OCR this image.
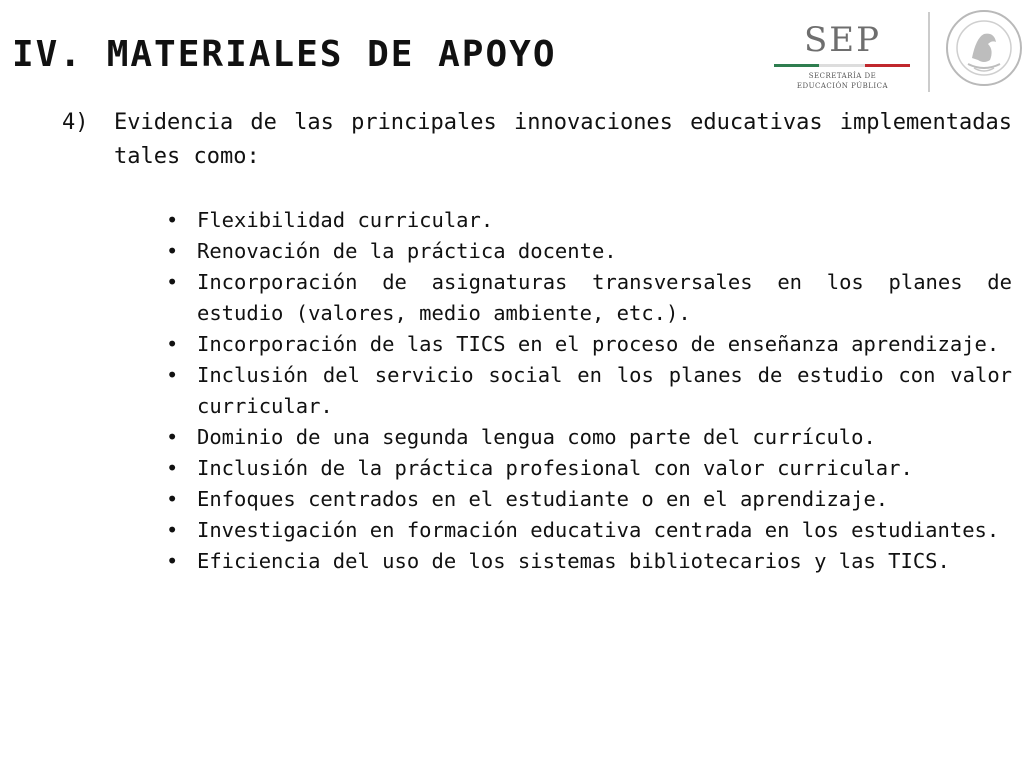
IV. MATERIALES DE APOYO	SEP
SECRETARÍA DE
EDUCACIÓN PÚBLICA
4) Evidencia de las principales innovaciones educativas implementadas tales como:

• Flexibilidad curricular.
• Renovación de la práctica docente.
• Incorporación de asignaturas transversales en los planes de estudio (valores, medio ambiente, etc.).
• Incorporación de las TICS en el proceso de enseñanza aprendizaje.
• Inclusión del servicio social en los planes de estudio con valor curricular.
• Dominio de una segunda lengua como parte del currículo.
• Inclusión de la práctica profesional con valor curricular.
• Enfoques centrados en el estudiante o en el aprendizaje.
• Investigación en formación educativa centrada en los estudiantes.
• Eficiencia del uso de los sistemas bibliotecarios y las TICS.
